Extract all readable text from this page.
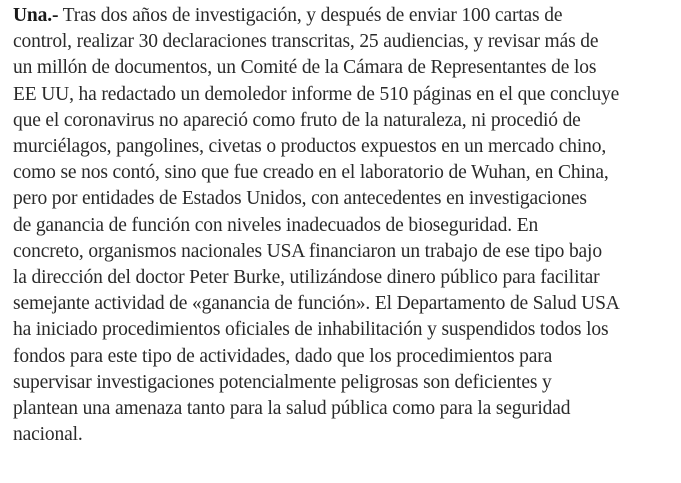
Una.- Tras dos años de investigación, y después de enviar 100 cartas de
control, realizar 30 declaraciones transcritas, 25 audiencias, y revisar más de
un millón de documentos, un Comité de la Cámara de Representantes de los
EE UU, ha redactado un demoledor informe de 510 páginas en el que concluye
que el coronavirus no apareció como fruto de la naturaleza, ni procedió de
murciélagos, pangolines, civetas o productos expuestos en un mercado chino,
como se nos contó, sino que fue creado en el laboratorio de Wuhan, en China,
pero por entidades de Estados Unidos, con antecedentes en investigaciones
de ganancia de función con niveles inadecuados de bioseguridad. En
concreto, organismos nacionales USA financiaron un trabajo de ese tipo bajo
la dirección del doctor Peter Burke, utilizándose dinero público para facilitar
semejante actividad de «ganancia de función». El Departamento de Salud USA
ha iniciado procedimientos oficiales de inhabilitación y suspendidos todos los
fondos para este tipo de actividades, dado que los procedimientos para
supervisar investigaciones potencialmente peligrosas son deficientes y
plantean una amenaza tanto para la salud pública como para la seguridad
nacional.
